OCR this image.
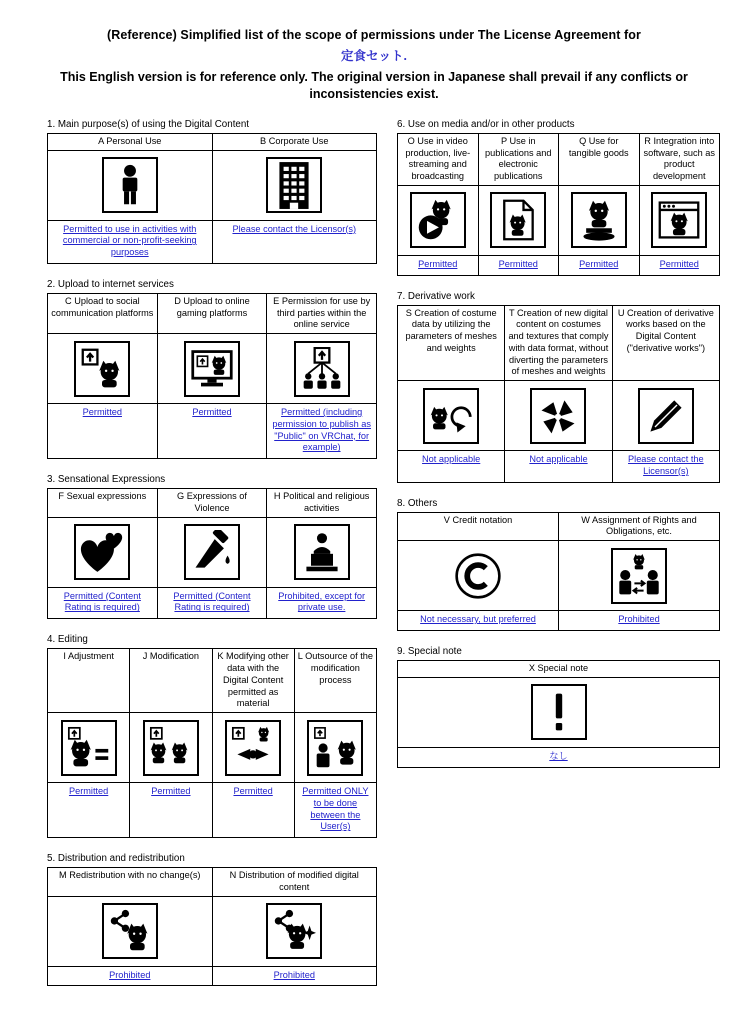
(Reference) Simplified list of the scope of permissions under The License Agreement for
定食セット.
This English version is for reference only. The original version in Japanese shall prevail if any conflicts or inconsistencies exist.
1. Main purpose(s) of using the Digital Content
A Personal Use	B Corporate Use

Permitted to use in activities with commercial or non-profit-seeking purposes	Please contact the Licensor(s)
2. Upload to internet services
C Upload to social communication platforms	D Upload to online gaming platforms	E Permission for use by third parties within the online service

Permitted	Permitted	Permitted (including permission to publish as "Public" on VRChat, for example)
3. Sensational Expressions
F Sexual expressions	G Expressions of Violence	H Political and religious activities

Permitted (Content Rating is required)	Permitted (Content Rating is required)	Prohibited, except for private use.
4. Editing
I Adjustment	J Modification	K Modifying other data with the Digital Content permitted as material	L Outsource of the modification process

Permitted	Permitted	Permitted	Permitted ONLY to be done between the User(s)
5. Distribution and redistribution
M Redistribution with no change(s)	N Distribution of modified digital content

Prohibited	Prohibited
6. Use on media and/or in other products
O Use in video production, live-streaming and broadcasting	P Use in publications and electronic publications	Q Use for tangible goods	R Integration into software, such as product development

Permitted	Permitted	Permitted	Permitted
7. Derivative work
S Creation of costume data by utilizing the parameters of meshes and weights	T Creation of new digital content on costumes and textures that comply with data format, without diverting the parameters of meshes and weights	U Creation of derivative works based on the Digital Content ("derivative works")

Not applicable	Not applicable	Please contact the Licensor(s)
8. Others
V Credit notation	W Assignment of Rights and Obligations, etc.

Not necessary, but preferred	Prohibited
9. Special note
X Special note

なし
